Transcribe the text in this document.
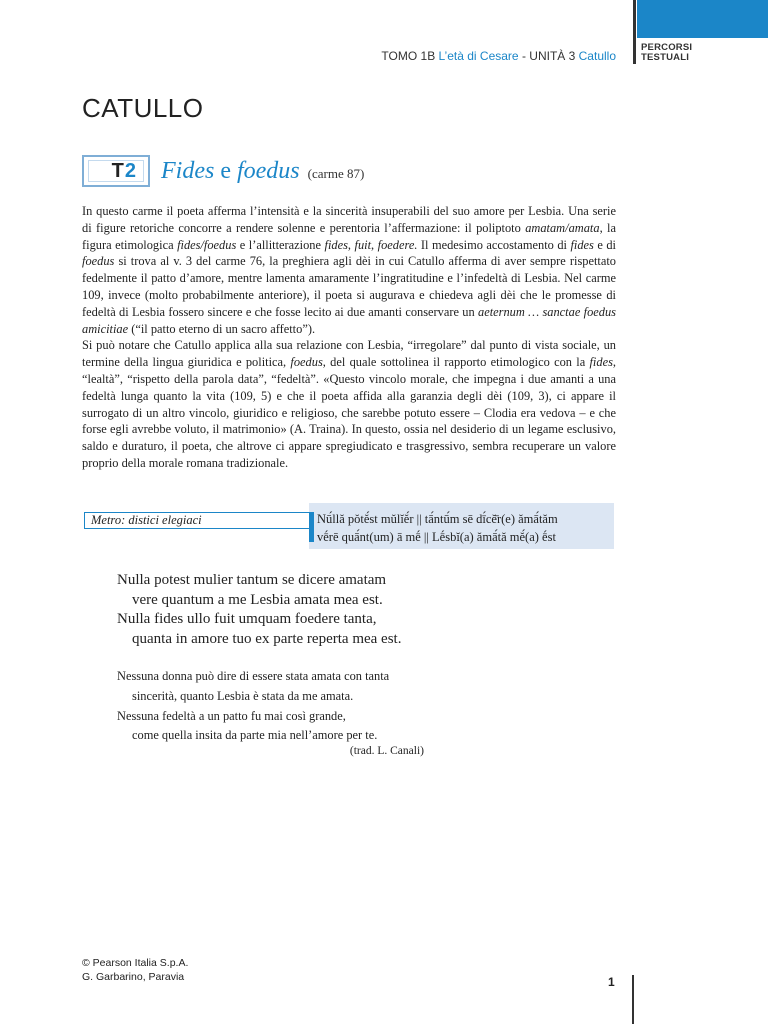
PERCORSI
TESTUALI
TOMO 1B L’età di Cesare - UNITÀ 3 Catullo
CATULLO
T2 Fides e foedus (carme 87)

In questo carme il poeta afferma l’intensità e la sincerità insuperabili del suo amore per Lesbia. Una serie di figure retoriche concorre a rendere solenne e perentoria l’affermazione: il poliptoto amatam/amata, la figura etimologica fides/foedus e l’allitterazione fides, fuit, foedere. Il medesimo accostamento di fides e di foedus si trova al v. 3 del carme 76, la preghiera agli dèi in cui Catullo afferma di aver sempre rispettato fedelmente il patto d’amore, mentre lamenta amaramente l’ingratitudine e l’infedeltà di Lesbia. Nel carme 109, invece (molto probabilmente anteriore), il poeta si augurava e chiedeva agli dèi che le promesse di fedeltà di Lesbia fossero sincere e che fosse lecito ai due amanti conservare un aeternum … sanctae foedus amicitiae (“il patto eterno di un sacro affetto”).

Si può notare che Catullo applica alla sua relazione con Lesbia, “irregolare” dal punto di vista sociale, un termine della lingua giuridica e politica, foedus, del quale sottolinea il rapporto etimologico con la fides, “lealtà”, “rispetto della parola data”, “fedeltà”. «Questo vincolo morale, che impegna i due amanti a una fedeltà lunga quanto la vita (109, 5) e che il poeta affida alla garanzia degli dèi (109, 3), ci appare il surrogato di un altro vincolo, giuridico e religioso, che sarebbe potuto essere – Clodia era vedova – e che forse egli avrebbe voluto, il matrimonio» (A. Traina). In questo, ossia nel desiderio di un legame esclusivo, saldo e duraturo, il poeta, che altrove ci appare spregiudicato e trasgressivo, sembra recuperare un valore proprio della morale romana tradizionale.

Metro: distici elegiaci	Nū́llă pŏtĕ́st mŭlĭĕ́r || tā́ntū́m sē dī́cĕ̄r(e) ămā́tăm
vḗrē quā́nt(um) ā mḗ || Lḗsbĭ(a) ămā́tă mĕ́(a) ḗst
Nulla potest mulier tantum se dicere amatam
vere quantum a me Lesbia amata mea est.
Nulla fides ullo fuit umquam foedere tanta,
quanta in amore tuo ex parte reperta mea est.
Nessuna donna può dire di essere stata amata con tanta
sincerità, quanto Lesbia è stata da me amata.
Nessuna fedeltà a un patto fu mai così grande,
come quella insita da parte mia nell’amore per te.
(trad. L. Canali)
© Pearson Italia S.p.A.
G. Garbarino, Paravia	1
